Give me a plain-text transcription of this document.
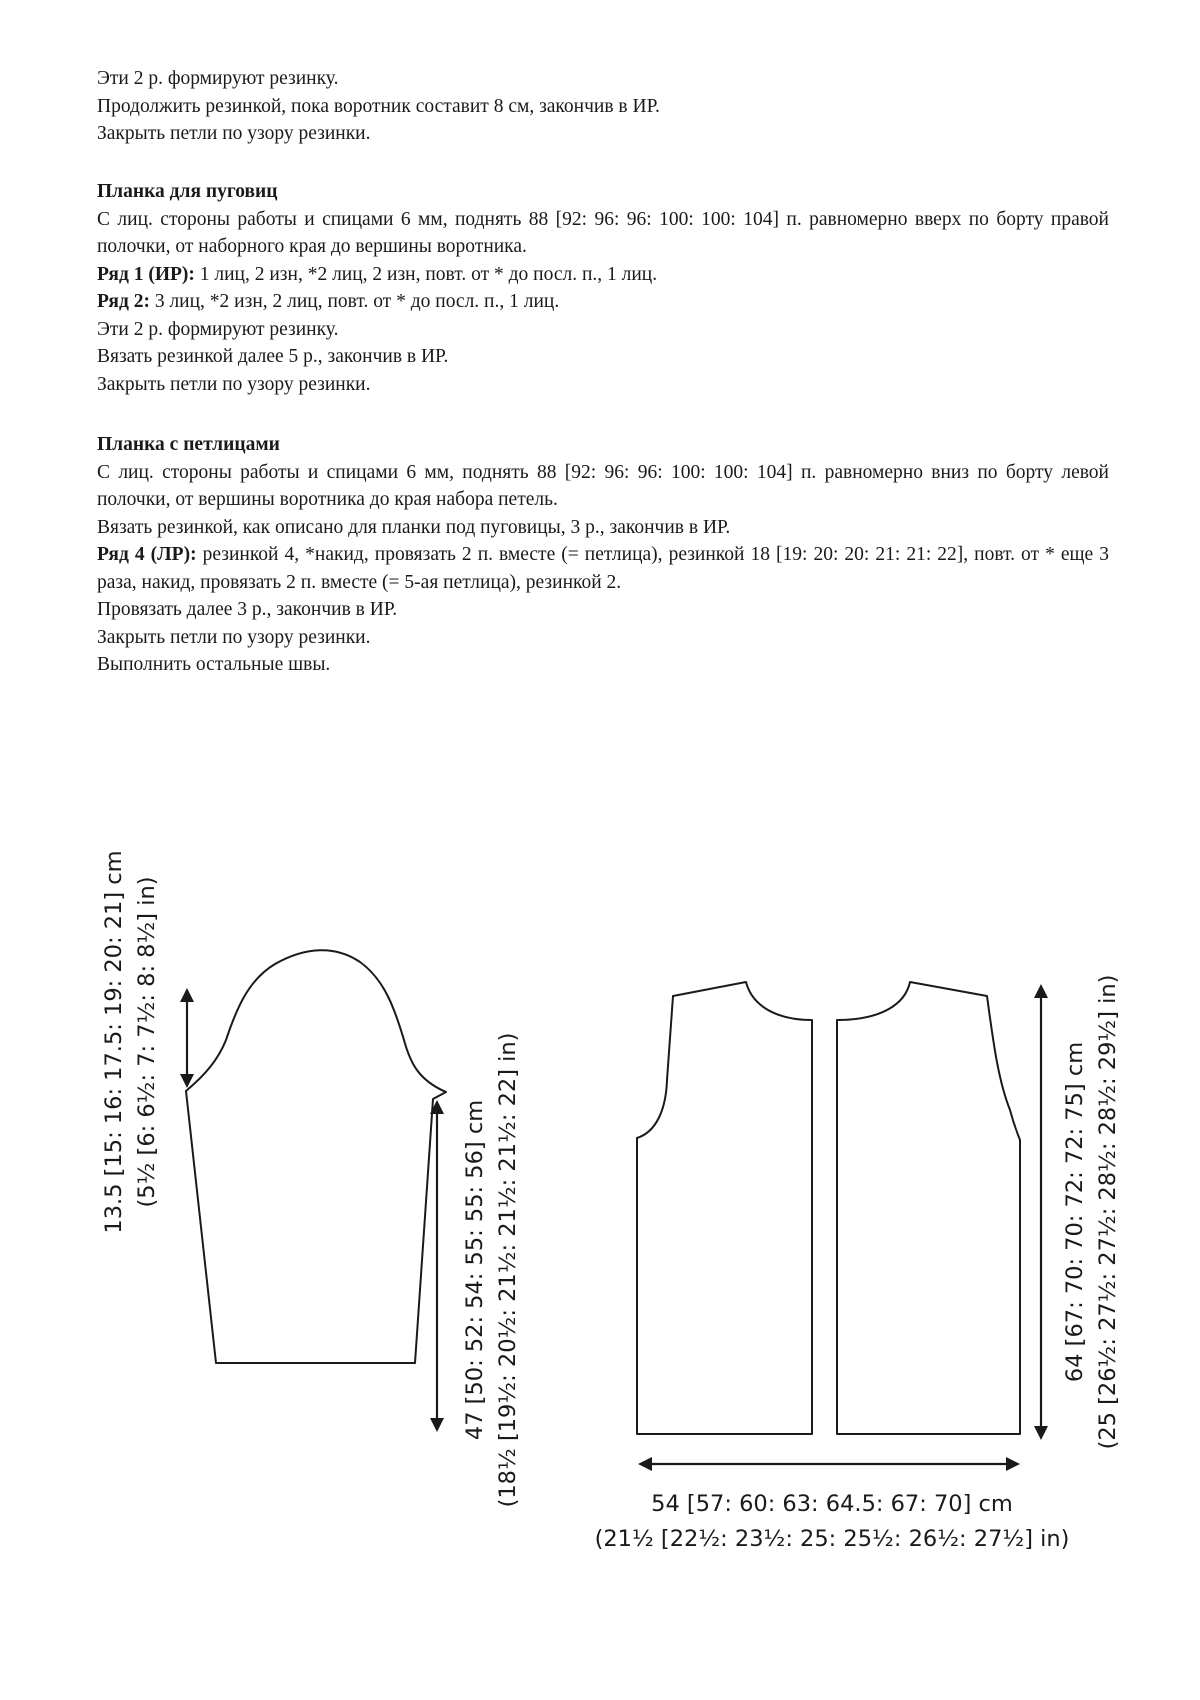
Эти 2 р. формируют резинку.

Продолжить резинкой, пока воротник составит 8 см, закончив в ИР.

Закрыть петли по узору резинки.

Планка для пуговиц

С лиц. стороны работы и спицами 6 мм, поднять 88 [92: 96: 96: 100: 100: 104] п. равномерно вверх по борту правой полочки, от наборного края до вершины воротника.

Ряд 1 (ИР): 1 лиц, 2 изн, *2 лиц, 2 изн, повт. от * до посл. п., 1 лиц.

Ряд 2: 3 лиц, *2 изн, 2 лиц, повт. от * до посл. п., 1 лиц.

Эти 2 р. формируют резинку.

Вязать резинкой далее 5 р., закончив в ИР.

Закрыть петли по узору резинки.

Планка с петлицами

С лиц. стороны работы и спицами 6 мм, поднять 88 [92: 96: 96: 100: 100: 104] п. равномерно вниз по борту левой полочки, от вершины воротника до края набора петель.

Вязать резинкой, как описано для планки под пуговицы, 3 р., закончив в ИР.

Ряд 4 (ЛР): резинкой 4, *накид, провязать 2 п. вместе (= петлица), резинкой 18 [19: 20: 20: 21: 21: 22], повт. от * еще 3 раза, накид, провязать 2 п. вместе (= 5-ая петлица), резинкой 2.

Провязать далее 3 р., закончив в ИР.

Закрыть петли по узору резинки.

Выполнить остальные швы.

13.5 [15: 16: 17.5: 19: 20: 21] cm (5½ [6: 6½: 7: 7½: 8: 8½] in)
47 [50: 52: 54: 55: 55: 56] cm (18½ [19½: 20½: 21½: 21½: 21½: 22] in)	64 [67: 70: 70: 72: 72: 75] cm (25 [26½: 27½: 27½: 28½: 28½: 29½] in)
54 [57: 60: 63: 64.5: 67: 70] cm
(21½ [22½: 23½: 25: 25½: 26½: 27½] in)
